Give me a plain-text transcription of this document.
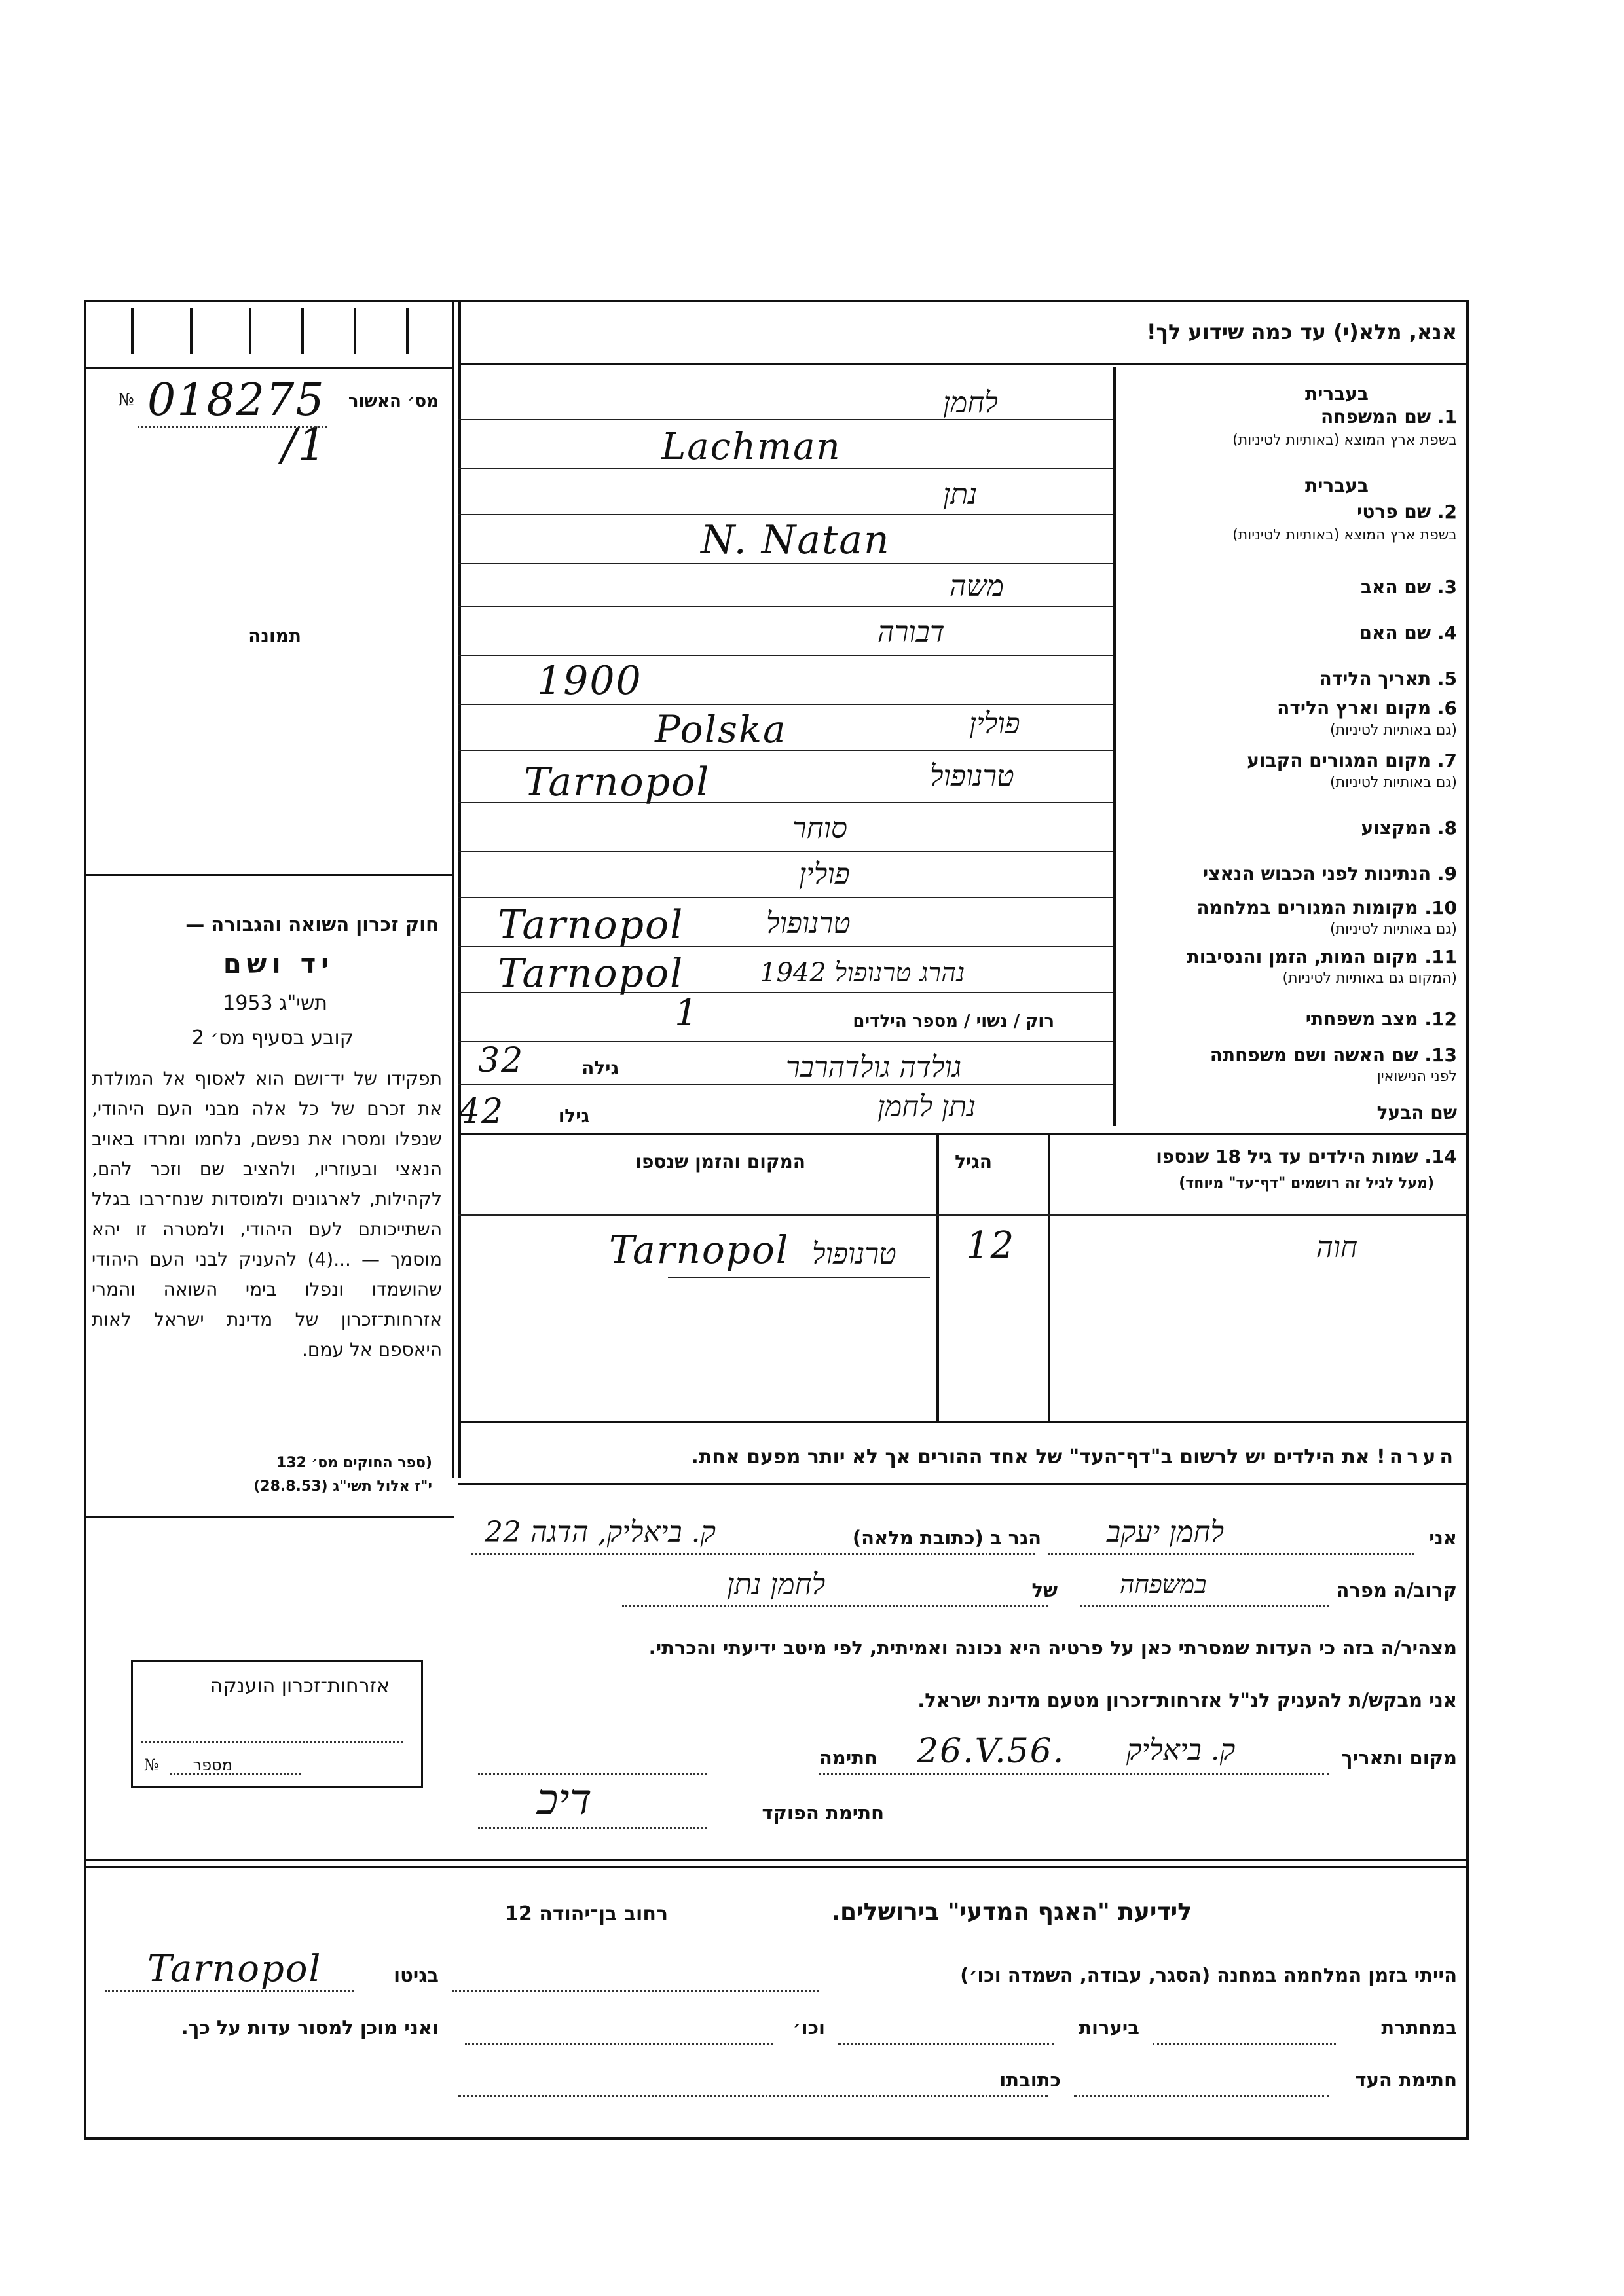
אנא, מלא(י) עד כמה שידוע לך!
מס׳ האשור
№ 018275
/1
תמונה
חוק זכרון השואה והגבורה —
יד ושם
תשי"ג 1953
קובע בסעיף מס׳ 2
תפקידו של יד־ושם הוא לאסוף אל המולדת את זכרם של כל אלה מבני העם היהודי, שנפלו ומסרו את נפשם, נלחמו ומרדו באויב הנאצי ובעוזריו, ולהציב שם וזכר להם, לקהילות, לארגונים ולמוסדות שנח־רבו בגלל השתייכותם לעם היהודי, ולמטרה זו יהא מוסמך — ...(4) להעניק לבני העם היהודי שהושמדו ונפלו בימי השואה והמרי אזרחות־זכרון של מדינת ישראל לאות היאספם אל עמם.
(ספר החוקים מס׳ 132
י"ז אלול תשי"ג (28.8.53)
אזרחות־זכרון הוענקה
מספר
№
בעברית
1. שם המשפחה
בשפת ארץ המוצא (באותיות לטיניות)
לחמן
Lachman
בעברית
2. שם פרטי
בשפת ארץ המוצא (באותיות לטיניות)
נתן
N. Natan
3. שם האב
משה
4. שם האם
דבורה
5. תאריך הלידה
1900
6. מקום וארץ הלידה
(גם באותיות לטיניות)
פולין
Polska
7. מקום המגורים הקבוע
(גם באותיות לטיניות)
טרנופול
Tarnopol
8. המקצוע
סוחר
9. הנתינות לפני הכבוש הנאצי
פולין
10. מקומות המגורים במלחמה
(גם באותיות לטיניות)
טרנופול
Tarnopol
11. מקום המות, הזמן והנסיבות
(המקום גם באותיות לטיניות)
נהרג טרנופול 1942
Tarnopol
12. מצב משפחתי
רוק / נשוי / מספר הילדים
1
13. שם האשה ושם משפחתה
לפני הנישואין
גולדה גולדהרבר
גילה
32
שם הבעל
נתן לחמן
גילו
42
14. שמות הילדים עד גיל 18 שנספו
(מעל לגיל זה רושמים "דף־עד" מיוחד)
הגיל
המקום והזמן שנספו
חוה
12
טרנופול
Tarnopol
הערה! את הילדים יש לרשום ב"דף־העד" של אחד ההורים אך לא יותר מפעם אחת.
אני
לחמן יעקב
הגר ב (כתובת מלאה)
ק. ביאליק, הדגה 22
קרוב/ה מפרה
במשפחה
של
לחמן נתן
מצהיר/ה בזה כי העדות שמסרתי כאן על פרטיה היא נכונה ואמיתית, לפי מיטב ידיעתי והכרתי.
אני מבקש/ת להעניק לנ"ל אזרחות־זכרון מטעם מדינת ישראל.
מקום ותאריך
ק. ביאליק
26.V.56.
חתימה
חתימת הפוקד
דיכ
לידיעת "האגף המדעי" בירושלים.
רחוב בן־יהודה 12
הייתי בזמן המלחמה במחנה (הסגר, עבודה, השמדה וכו׳)
בגיטו
Tarnopol
במחתרת
ביערות
וכו׳
ואני מוכן למסור עדות על כך.
חתימת העד
כתובתו
